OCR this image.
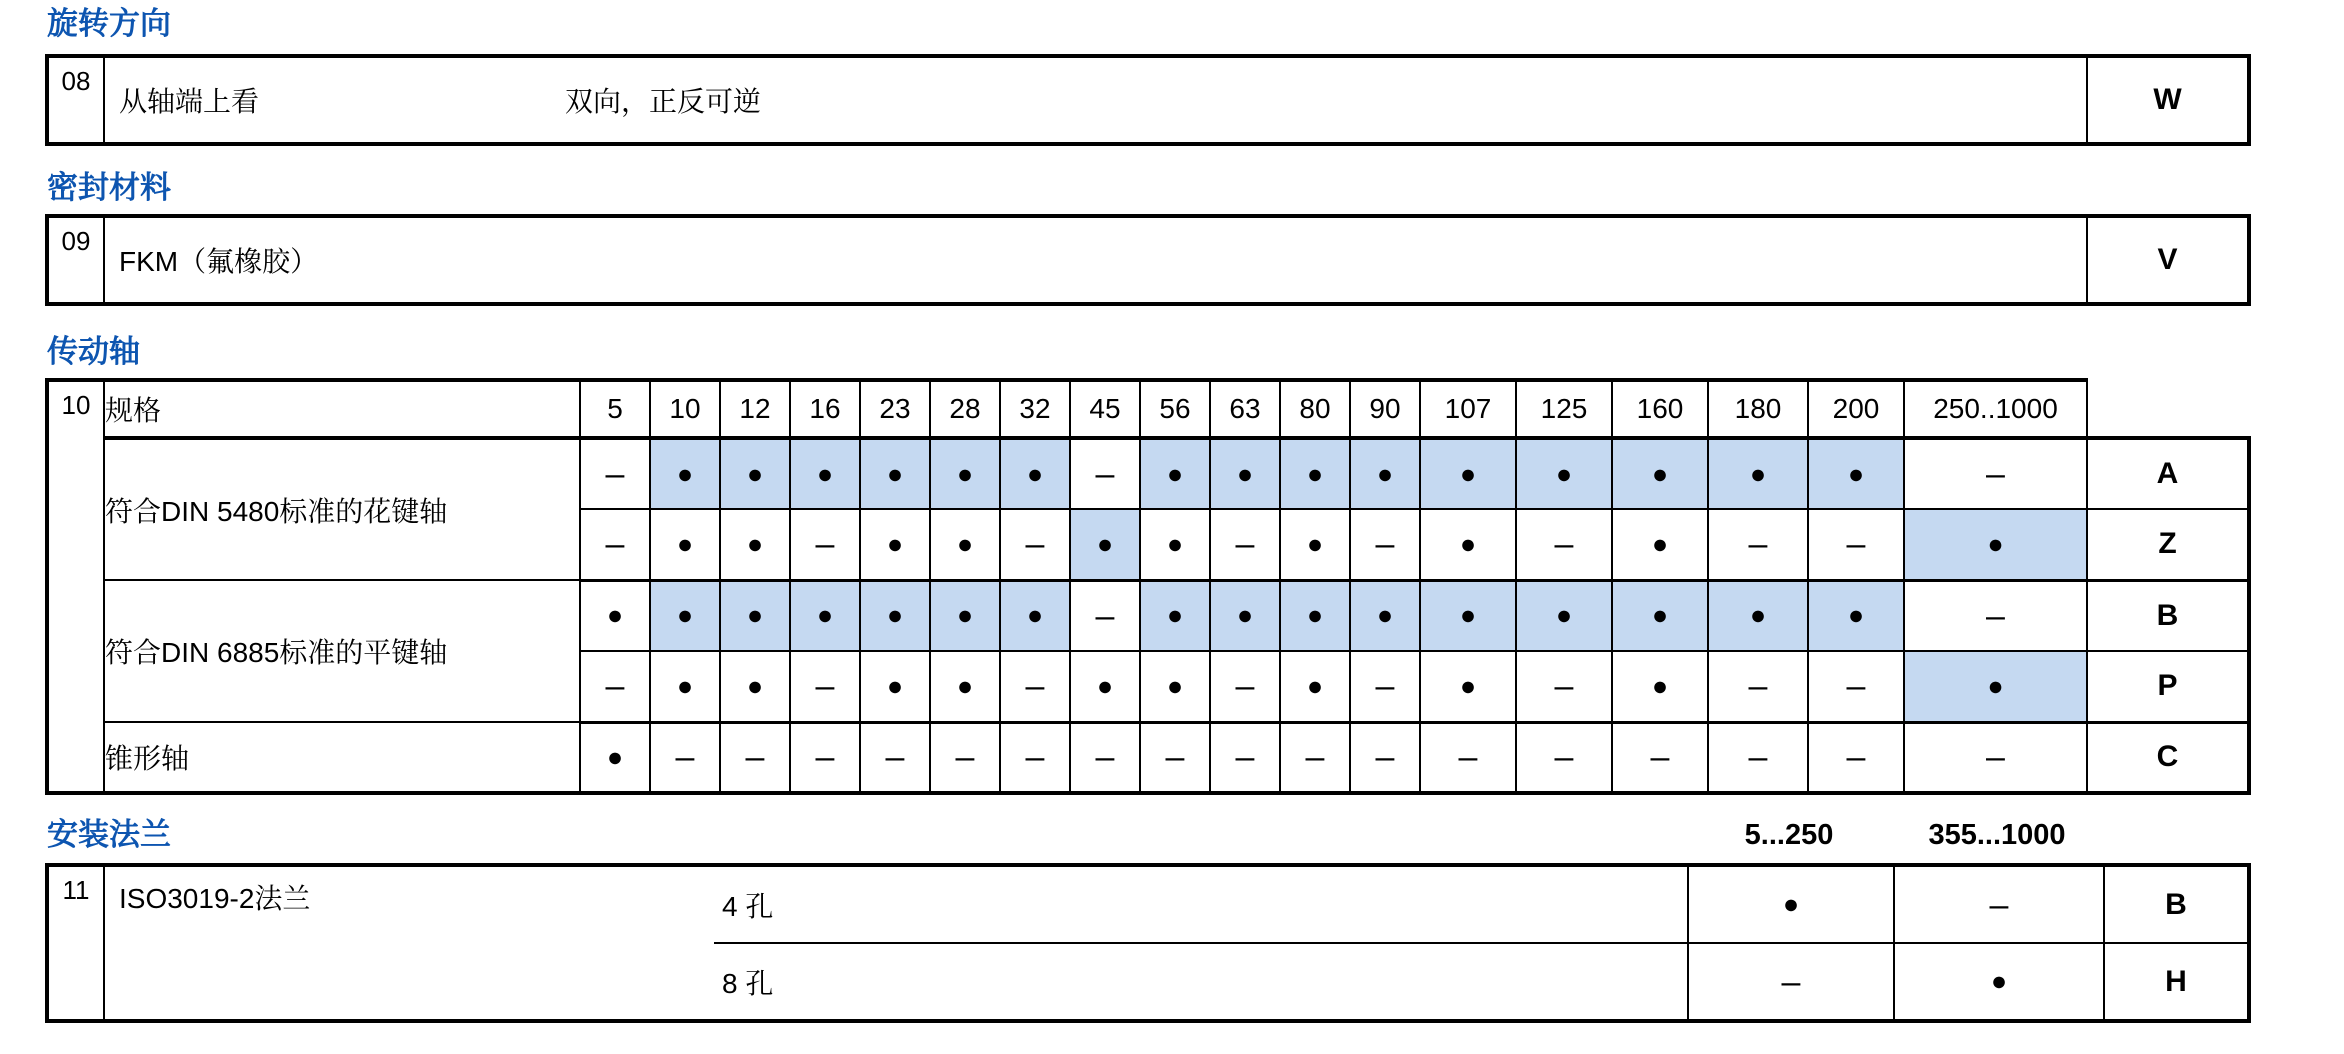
旋转方向
08	从轴端上看	双向，正反可逆	W
密封材料
09	FKM（氟橡胶）	V
传动轴
10	规格	5	10	12	16	23	28	32	45	56	63	80	90	107	125	160	180	200	250..1000	
	符合DIN 5480标准的花键轴	–	●	●	●	●	●	●	–	●	●	●	●	●	●	●	●	●	–	A
		–	●	●	–	●	●	–	●	●	–	●	–	●	–	●	–	–	●	Z
	符合DIN 6885标准的平键轴	●	●	●	●	●	●	●	–	●	●	●	●	●	●	●	●	●	–	B
		–	●	●	–	●	●	–	●	●	–	●	–	●	–	●	–	–	●	P
	锥形轴	●	–	–	–	–	–	–	–	–	–	–	–	–	–	–	–	–	–	C
安装法兰	5...250	355...1000
11	ISO3019-2法兰	4 孔	●	–	B
		8 孔	–	●	H
